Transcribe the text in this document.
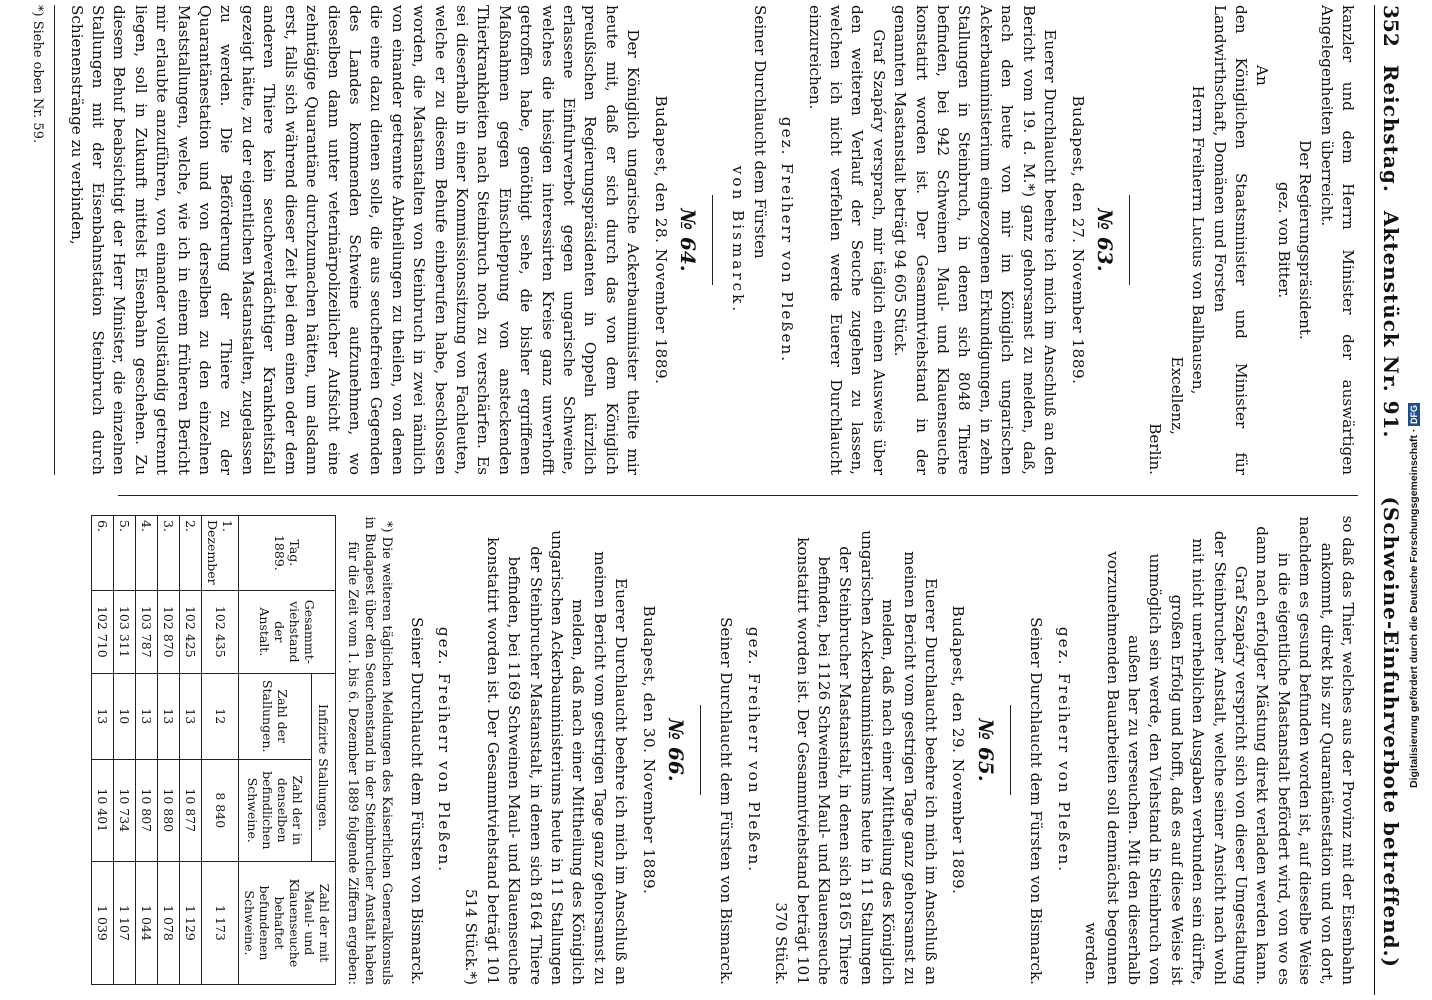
352
Reichstag.
Aktenstück Nr. 91.
(Schweine-Einfuhrverbote betreffend.)

kanzler und dem Herrn Minister der auswärtigen Angelegenheiten überreicht.

Der Regierungspräsident.

gez. von Bitter.

An

den Königlichen Staatsminister und Minister für Landwirthschaft, Domänen und Forsten

Herrn Freiherrn Lucius von Ballhausen,

Excellenz,

Berlin.

№ 63.

Budapest, den 27. November 1889.

Euerer Durchlaucht beehre ich mich im Anschluß an den Bericht vom 19. d. M.*) ganz gehorsamst zu melden, daß, nach den heute von mir im Königlich ungarischen Ackerbauministerium eingezogenen Erkundigungen, in zehn Stallungen in Steinbruch, in denen sich 8048 Thiere befinden, bei 942 Schweinen Maul- und Klauenseuche konstatirt worden ist. Der Gesammtviehstand in der genannten Mastanstalt beträgt 94 605 Stück.

Graf Szapáry versprach, mir täglich einen Ausweis über den weiteren Verlauf der Seuche zugehen zu lassen, welchen ich nicht verfehlen werde Euerer Durchlaucht einzureichen.

gez. Freiherr von Pleßen.

Seiner Durchlaucht dem Fürsten

von Bismarck.

№ 64.

Budapest, den 28. November 1889.

Der Königlich ungarische Ackerbauminister theilte mir heute mit, daß er sich durch das von dem Königlich preußischen Regierungspräsidenten in Oppeln kürzlich erlassene Einfuhrverbot gegen ungarische Schweine, welches die hiesigen interessirten Kreise ganz unverhofft getroffen habe, genöthigt sehe, die bisher ergriffenen Maßnahmen gegen Einschleppung von ansteckenden Thierkrankheiten nach Steinbruch noch zu verschärfen. Es sei dieserhalb in einer Kommissionssitzung von Fachleuten, welche er zu diesem Behufe einberufen habe, beschlossen worden, die Mastanstalten von Steinbruch in zwei nämlich von einander getrennte Abtheilungen zu theilen, von denen die eine dazu dienen solle, die aus seuchefreien Gegenden des Landes kommenden Schweine aufzunehmen, wo dieselben dann unter veterinärpolizeilicher Aufsicht eine zehntägige Quarantäne durchzumachen hätten, um alsdann erst, falls sich während dieser Zeit bei dem einen oder dem anderen Thiere kein seucheverdächtiger Krankheitsfall gezeigt hätte, zu der eigentlichen Mastanstalten, zugelassen zu werden. Die Beförderung der Thiere zu der Quarantänestation und von derselben zu den einzelnen Maststallungen, welche, wie ich in einem früheren Bericht mir erlaubte anzuführen, von einander vollständig getrennt liegen, soll in Zukunft mittelst Eisenbahn geschehen. Zu diesem Behuf beabsichtigt der Herr Minister, die einzelnen Stallungen mit der Eisenbahnstation Steinbruch durch Schienenstränge zu verbinden,

*) Siehe oben Nr. 59.

so daß das Thier, welches aus der Provinz mit der Eisenbahn ankommt, direkt bis zur Quarantänestation und von dort, nachdem es gesund befunden worden ist, auf dieselbe Weise in die eigentliche Mastanstalt befördert wird, von wo es dann nach erfolgter Mästung direkt verladen werden kann.

Graf Szapáry verspricht sich von dieser Umgestaltung der Steinbrucher Anstalt, welche seiner Ansicht nach wohl mit nicht unerheblichen Ausgaben verbunden sein dürfte, großen Erfolg und hofft, daß es auf diese Weise ist unmöglich sein werde, den Viehstand in Steinbruch von außen her zu verseuchen. Mit den dieserhalb vorzunehmenden Bauarbeiten soll demnächst begonnen werden.

gez. Freiherr von Pleßen.

Seiner Durchlaucht dem Fürsten von Bismarck.

№ 65.

Budapest, den 29. November 1889.

Euerer Durchlaucht beehre ich mich im Anschluß an meinen Bericht vom gestrigen Tage ganz gehorsamst zu melden, daß nach einer Mittheilung des Königlich ungarischen Ackerbauministeriums heute in 11 Stallungen der Steinbrucher Mastanstalt, in denen sich 8165 Thiere befinden, bei 1126 Schweinen Maul- und Klauenseuche konstatirt worden ist. Der Gesammtviehstand beträgt 101 370 Stück.

gez. Freiherr von Pleßen.

Seiner Durchlaucht dem Fürsten von Bismarck.

№ 66.

Budapest, den 30. November 1889.

Euerer Durchlaucht beehre ich mich im Anschluß an meinen Bericht vom gestrigen Tage ganz gehorsamst zu melden, daß nach einer Mittheilung des Königlich ungarischen Ackerbauministeriums heute in 11 Stallungen der Steinbrucher Mastanstalt, in denen sich 8164 Thiere befinden, bei 1169 Schweinen Maul- und Klauenseuche konstatirt worden ist. Der Gesammtviehstand beträgt 101 514 Stück.*)

gez. Freiherr von Pleßen.

Seiner Durchlaucht dem Fürsten von Bismarck.

*) Die weiteren täglichen Meldungen des Kaiserlichen Generalkonsuls in Budapest über den Seuchenstand in der Steinbrucher Anstalt haben für die Zeit vom 1. bis 6. Dezember 1889 folgende Ziffern ergeben:

Tag.
1889.	Gesammt-viehstand der Anstalt.	Infizirte Stallungen.		Zahl der mit Maul- und Klauenseuche behaftet befundenen Schweine.
		Zahl der Stallungen.	Zahl der in denselben befindlichen Schweine.	
1. Dezember	102 435	12	8 840	1 173
2.	102 425	13	10 877	1 129
3.	102 870	13	10 880	1 078
4.	103 787	13	10 807	1 044
5.	103 311	10	10 734	1 107
6.	102 710	13	10 401	1 039
Digitalisierung gefördert durch die Deutsche Forschungsgemeinschaft · DFG
